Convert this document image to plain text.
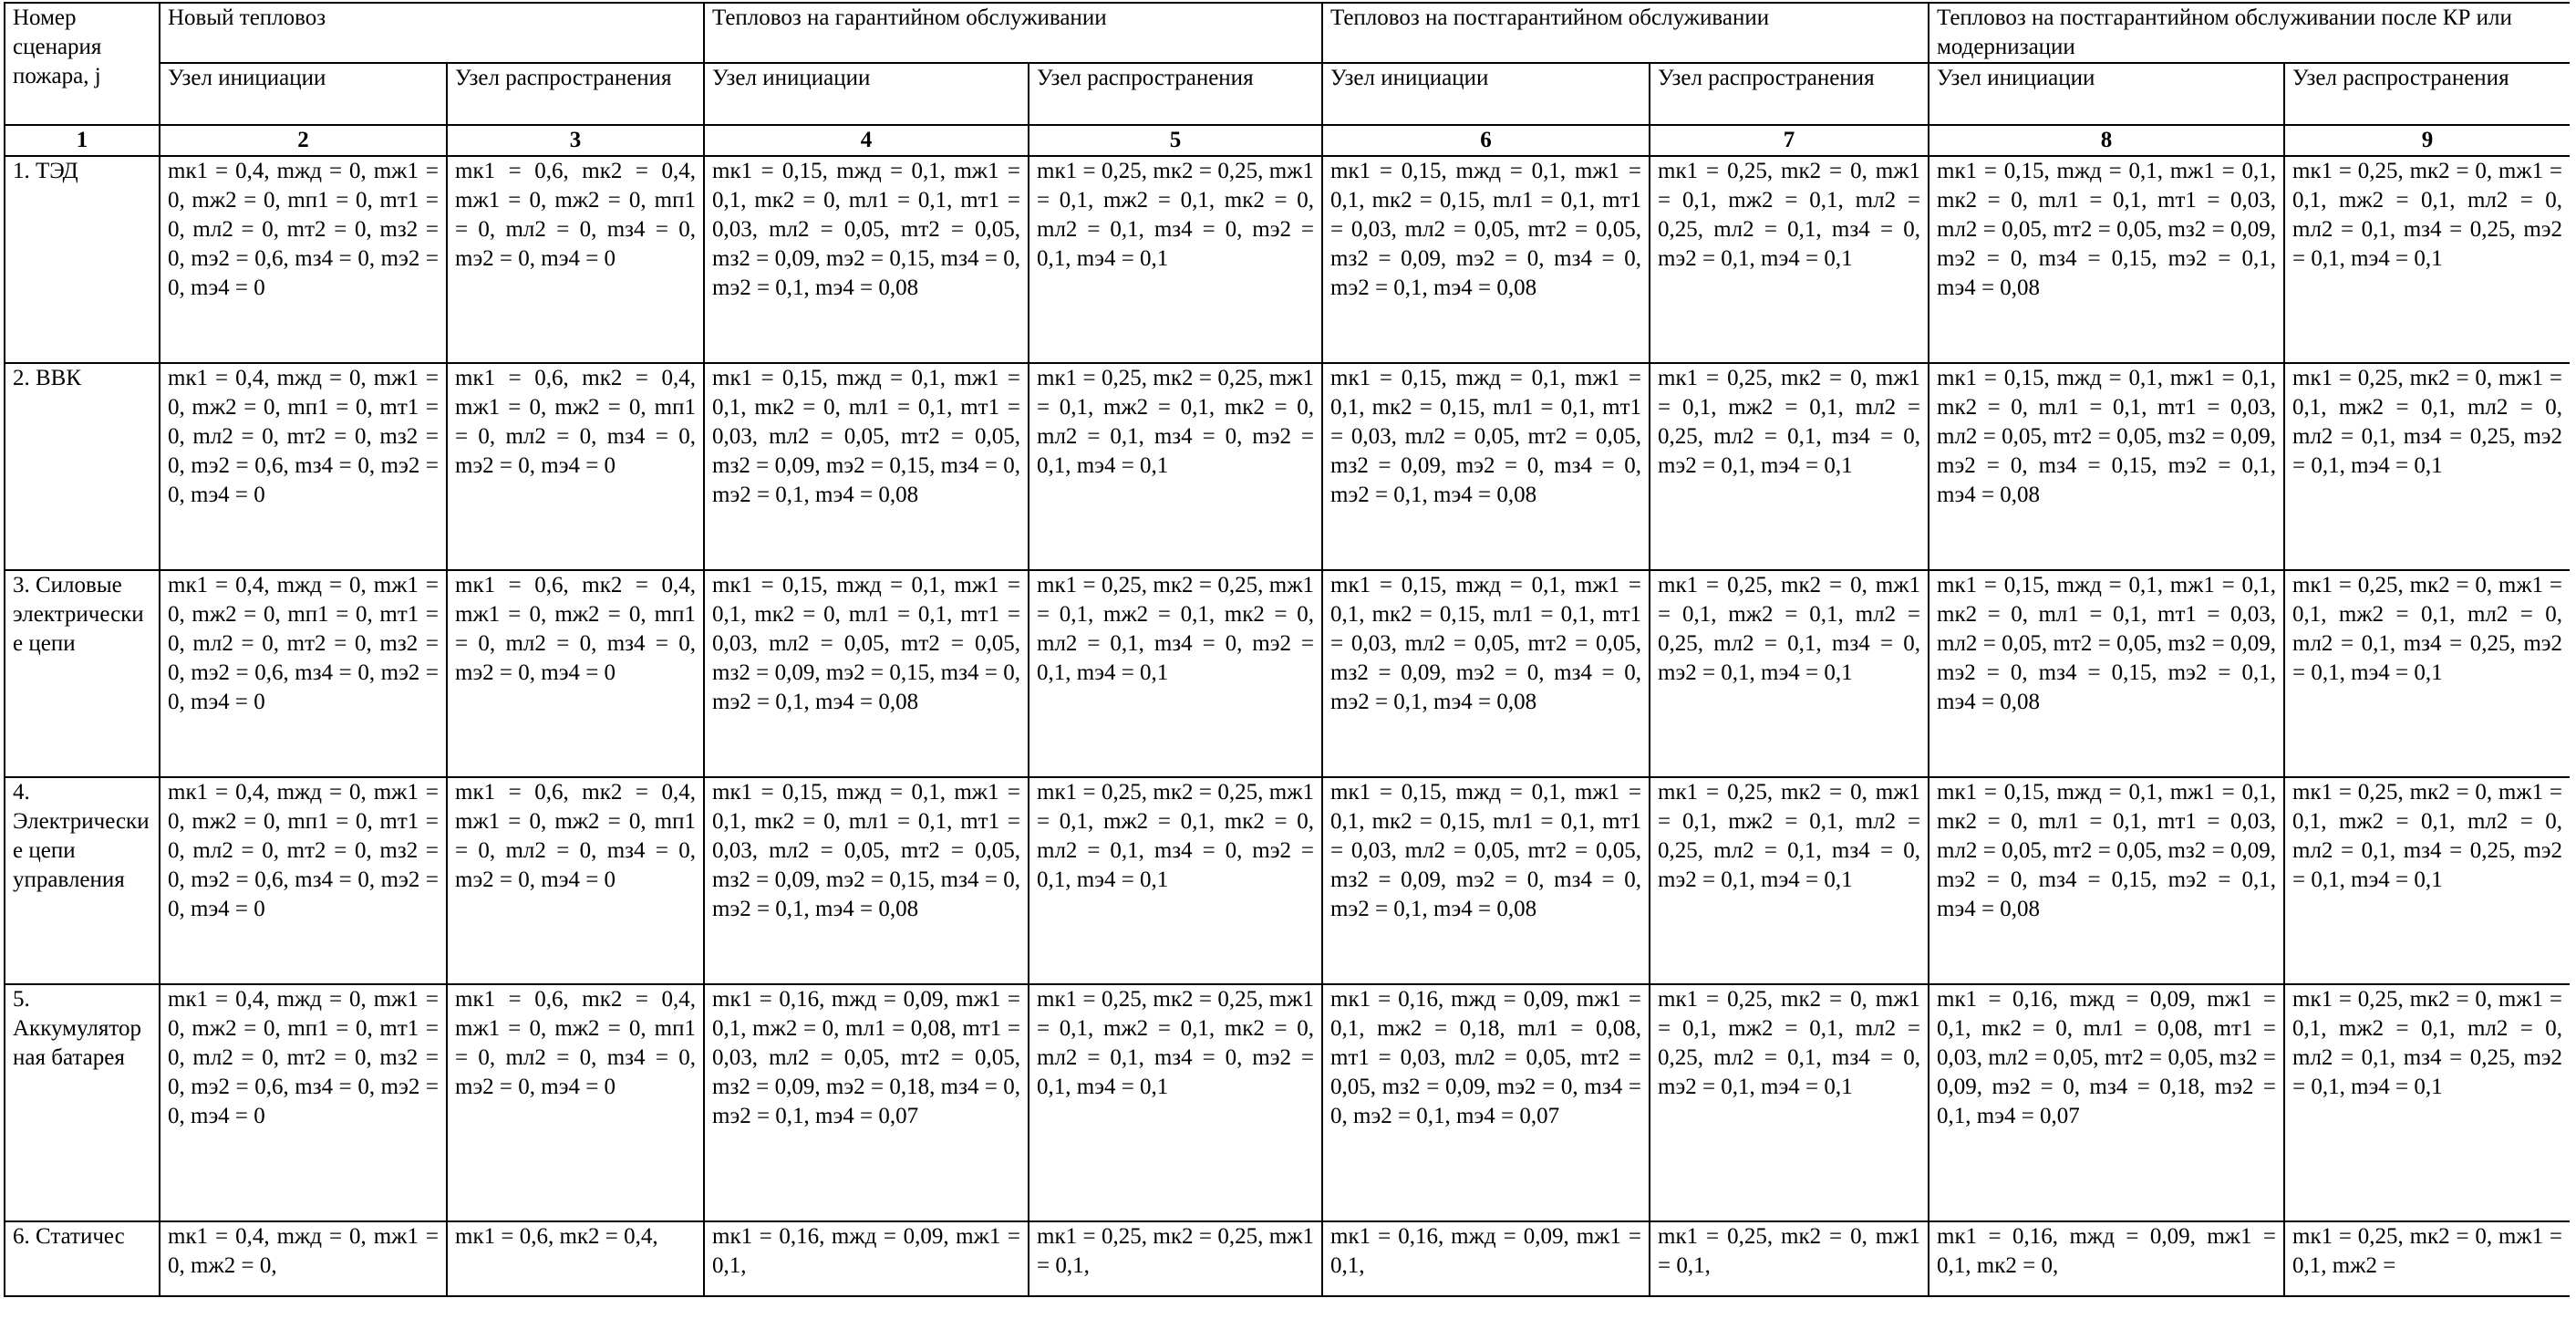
Номер сценария пожара, j	Новый тепловоз		Тепловоз на гарантийном обслуживании		Тепловоз на постгарантийном обслуживании		Тепловоз на постгарантийном обслуживании после КР или модернизации	
	Узел инициации	Узел распространения	Узел инициации	Узел распространения	Узел инициации	Узел распространения	Узел инициации	Узел распространения
1	2	3	4	5	6	7	8	9
1. ТЭД	mк1 = 0,4, mжд = 0, mж1 = 0, mж2 = 0, mп1 = 0, mт1 = 0, mл2 = 0, mт2 = 0, mз2 = 0, mэ2 = 0,6, mз4 = 0, mэ2 = 0, mэ4 = 0	mк1 = 0,6, mк2 = 0,4, mж1 = 0, mж2 = 0, mп1 = 0, mл2 = 0, mз4 = 0, mэ2 = 0, mэ4 = 0	mк1 = 0,15, mжд = 0,1, mж1 = 0,1, mк2 = 0, mл1 = 0,1, mт1 = 0,03, mл2 = 0,05, mт2 = 0,05, mз2 = 0,09, mэ2 = 0,15, mз4 = 0, mэ2 = 0,1, mэ4 = 0,08	mк1 = 0,25, mк2 = 0,25, mж1 = 0,1, mж2 = 0,1, mк2 = 0, mл2 = 0,1, mз4 = 0, mэ2 = 0,1, mэ4 = 0,1	mк1 = 0,15, mжд = 0,1, mж1 = 0,1, mк2 = 0,15, mл1 = 0,1, mт1 = 0,03, mл2 = 0,05, mт2 = 0,05, mз2 = 0,09, mэ2 = 0, mз4 = 0, mэ2 = 0,1, mэ4 = 0,08	mк1 = 0,25, mк2 = 0, mж1 = 0,1, mж2 = 0,1, mл2 = 0,25, mл2 = 0,1, mз4 = 0, mэ2 = 0,1, mэ4 = 0,1	mк1 = 0,15, mжд = 0,1, mж1 = 0,1, mк2 = 0, mл1 = 0,1, mт1 = 0,03, mл2 = 0,05, mт2 = 0,05, mз2 = 0,09, mэ2 = 0, mз4 = 0,15, mэ2 = 0,1, mэ4 = 0,08	mк1 = 0,25, mк2 = 0, mж1 = 0,1, mж2 = 0,1, mл2 = 0, mл2 = 0,1, mз4 = 0,25, mэ2 = 0,1, mэ4 = 0,1
2. ВВК	mк1 = 0,4, mжд = 0, mж1 = 0, mж2 = 0, mп1 = 0, mт1 = 0, mл2 = 0, mт2 = 0, mз2 = 0, mэ2 = 0,6, mз4 = 0, mэ2 = 0, mэ4 = 0	mк1 = 0,6, mк2 = 0,4, mж1 = 0, mж2 = 0, mп1 = 0, mл2 = 0, mз4 = 0, mэ2 = 0, mэ4 = 0	mк1 = 0,15, mжд = 0,1, mж1 = 0,1, mк2 = 0, mл1 = 0,1, mт1 = 0,03, mл2 = 0,05, mт2 = 0,05, mз2 = 0,09, mэ2 = 0,15, mз4 = 0, mэ2 = 0,1, mэ4 = 0,08	mк1 = 0,25, mк2 = 0,25, mж1 = 0,1, mж2 = 0,1, mк2 = 0, mл2 = 0,1, mз4 = 0, mэ2 = 0,1, mэ4 = 0,1	mк1 = 0,15, mжд = 0,1, mж1 = 0,1, mк2 = 0,15, mл1 = 0,1, mт1 = 0,03, mл2 = 0,05, mт2 = 0,05, mз2 = 0,09, mэ2 = 0, mз4 = 0, mэ2 = 0,1, mэ4 = 0,08	mк1 = 0,25, mк2 = 0, mж1 = 0,1, mж2 = 0,1, mл2 = 0,25, mл2 = 0,1, mз4 = 0, mэ2 = 0,1, mэ4 = 0,1	mк1 = 0,15, mжд = 0,1, mж1 = 0,1, mк2 = 0, mл1 = 0,1, mт1 = 0,03, mл2 = 0,05, mт2 = 0,05, mз2 = 0,09, mэ2 = 0, mз4 = 0,15, mэ2 = 0,1, mэ4 = 0,08	mк1 = 0,25, mк2 = 0, mж1 = 0,1, mж2 = 0,1, mл2 = 0, mл2 = 0,1, mз4 = 0,25, mэ2 = 0,1, mэ4 = 0,1
3. Силовые электрические цепи	mк1 = 0,4, mжд = 0, mж1 = 0, mж2 = 0, mп1 = 0, mт1 = 0, mл2 = 0, mт2 = 0, mз2 = 0, mэ2 = 0,6, mз4 = 0, mэ2 = 0, mэ4 = 0	mк1 = 0,6, mк2 = 0,4, mж1 = 0, mж2 = 0, mп1 = 0, mл2 = 0, mз4 = 0, mэ2 = 0, mэ4 = 0	mк1 = 0,15, mжд = 0,1, mж1 = 0,1, mк2 = 0, mл1 = 0,1, mт1 = 0,03, mл2 = 0,05, mт2 = 0,05, mз2 = 0,09, mэ2 = 0,15, mз4 = 0, mэ2 = 0,1, mэ4 = 0,08	mк1 = 0,25, mк2 = 0,25, mж1 = 0,1, mж2 = 0,1, mк2 = 0, mл2 = 0,1, mз4 = 0, mэ2 = 0,1, mэ4 = 0,1	mк1 = 0,15, mжд = 0,1, mж1 = 0,1, mк2 = 0,15, mл1 = 0,1, mт1 = 0,03, mл2 = 0,05, mт2 = 0,05, mз2 = 0,09, mэ2 = 0, mз4 = 0, mэ2 = 0,1, mэ4 = 0,08	mк1 = 0,25, mк2 = 0, mж1 = 0,1, mж2 = 0,1, mл2 = 0,25, mл2 = 0,1, mз4 = 0, mэ2 = 0,1, mэ4 = 0,1	mк1 = 0,15, mжд = 0,1, mж1 = 0,1, mк2 = 0, mл1 = 0,1, mт1 = 0,03, mл2 = 0,05, mт2 = 0,05, mз2 = 0,09, mэ2 = 0, mз4 = 0,15, mэ2 = 0,1, mэ4 = 0,08	mк1 = 0,25, mк2 = 0, mж1 = 0,1, mж2 = 0,1, mл2 = 0, mл2 = 0,1, mз4 = 0,25, mэ2 = 0,1, mэ4 = 0,1
4. Электрические цепи управления	mк1 = 0,4, mжд = 0, mж1 = 0, mж2 = 0, mп1 = 0, mт1 = 0, mл2 = 0, mт2 = 0, mз2 = 0, mэ2 = 0,6, mз4 = 0, mэ2 = 0, mэ4 = 0	mк1 = 0,6, mк2 = 0,4, mж1 = 0, mж2 = 0, mп1 = 0, mл2 = 0, mз4 = 0, mэ2 = 0, mэ4 = 0	mк1 = 0,15, mжд = 0,1, mж1 = 0,1, mк2 = 0, mл1 = 0,1, mт1 = 0,03, mл2 = 0,05, mт2 = 0,05, mз2 = 0,09, mэ2 = 0,15, mз4 = 0, mэ2 = 0,1, mэ4 = 0,08	mк1 = 0,25, mк2 = 0,25, mж1 = 0,1, mж2 = 0,1, mк2 = 0, mл2 = 0,1, mз4 = 0, mэ2 = 0,1, mэ4 = 0,1	mк1 = 0,15, mжд = 0,1, mж1 = 0,1, mк2 = 0,15, mл1 = 0,1, mт1 = 0,03, mл2 = 0,05, mт2 = 0,05, mз2 = 0,09, mэ2 = 0, mз4 = 0, mэ2 = 0,1, mэ4 = 0,08	mк1 = 0,25, mк2 = 0, mж1 = 0,1, mж2 = 0,1, mл2 = 0,25, mл2 = 0,1, mз4 = 0, mэ2 = 0,1, mэ4 = 0,1	mк1 = 0,15, mжд = 0,1, mж1 = 0,1, mк2 = 0, mл1 = 0,1, mт1 = 0,03, mл2 = 0,05, mт2 = 0,05, mз2 = 0,09, mэ2 = 0, mз4 = 0,15, mэ2 = 0,1, mэ4 = 0,08	mк1 = 0,25, mк2 = 0, mж1 = 0,1, mж2 = 0,1, mл2 = 0, mл2 = 0,1, mз4 = 0,25, mэ2 = 0,1, mэ4 = 0,1
5. Аккумуляторная батарея	mк1 = 0,4, mжд = 0, mж1 = 0, mж2 = 0, mп1 = 0, mт1 = 0, mл2 = 0, mт2 = 0, mз2 = 0, mэ2 = 0,6, mз4 = 0, mэ2 = 0, mэ4 = 0	mк1 = 0,6, mк2 = 0,4, mж1 = 0, mж2 = 0, mп1 = 0, mл2 = 0, mз4 = 0, mэ2 = 0, mэ4 = 0	mк1 = 0,16, mжд = 0,09, mж1 = 0,1, mж2 = 0, mл1 = 0,08, mт1 = 0,03, mл2 = 0,05, mт2 = 0,05, mз2 = 0,09, mэ2 = 0,18, mз4 = 0, mэ2 = 0,1, mэ4 = 0,07	mк1 = 0,25, mк2 = 0,25, mж1 = 0,1, mж2 = 0,1, mк2 = 0, mл2 = 0,1, mз4 = 0, mэ2 = 0,1, mэ4 = 0,1	mк1 = 0,16, mжд = 0,09, mж1 = 0,1, mж2 = 0,18, mл1 = 0,08, mт1 = 0,03, mл2 = 0,05, mт2 = 0,05, mз2 = 0,09, mэ2 = 0, mз4 = 0, mэ2 = 0,1, mэ4 = 0,07	mк1 = 0,25, mк2 = 0, mж1 = 0,1, mж2 = 0,1, mл2 = 0,25, mл2 = 0,1, mз4 = 0, mэ2 = 0,1, mэ4 = 0,1	mк1 = 0,16, mжд = 0,09, mж1 = 0,1, mк2 = 0, mл1 = 0,08, mт1 = 0,03, mл2 = 0,05, mт2 = 0,05, mз2 = 0,09, mэ2 = 0, mз4 = 0,18, mэ2 = 0,1, mэ4 = 0,07	mк1 = 0,25, mк2 = 0, mж1 = 0,1, mж2 = 0,1, mл2 = 0, mл2 = 0,1, mз4 = 0,25, mэ2 = 0,1, mэ4 = 0,1
6. Статичес	mк1 = 0,4, mжд = 0, mж1 = 0, mж2 = 0,	mк1 = 0,6, mк2 = 0,4,	mк1 = 0,16, mжд = 0,09, mж1 = 0,1,	mк1 = 0,25, mк2 = 0,25, mж1 = 0,1,	mк1 = 0,16, mжд = 0,09, mж1 = 0,1,	mк1 = 0,25, mк2 = 0, mж1 = 0,1,	mк1 = 0,16, mжд = 0,09, mж1 = 0,1, mк2 = 0,	mк1 = 0,25, mк2 = 0, mж1 = 0,1, mж2 =
